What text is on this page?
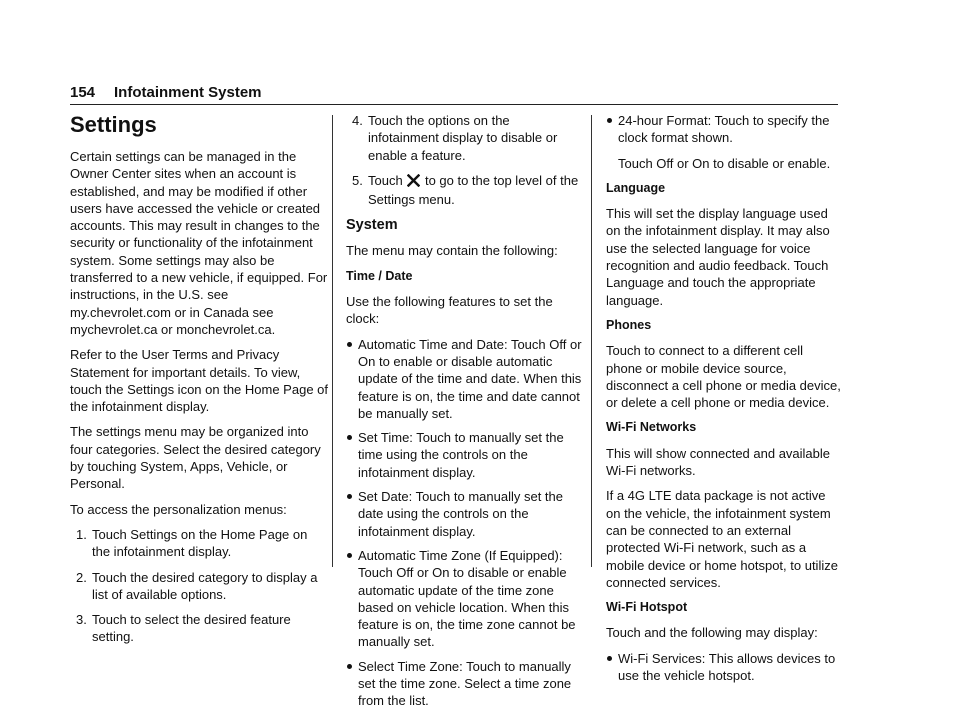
154 Infotainment System
Settings

Certain settings can be managed in the Owner Center sites when an account is established, and may be modified if other users have accessed the vehicle or created accounts. This may result in changes to the security or functionality of the infotainment system. Some settings may also be transferred to a new vehicle, if equipped. For instructions, in the U.S. see my.chevrolet.com or in Canada see mychevrolet.ca or monchevrolet.ca.

Refer to the User Terms and Privacy Statement for important details. To view, touch the Settings icon on the Home Page of the infotainment display.

The settings menu may be organized into four categories. Select the desired category by touching System, Apps, Vehicle, or Personal.

To access the personalization menus:

1. Touch Settings on the Home Page on the infotainment display.
2. Touch the desired category to display a list of available options.
3. Touch to select the desired feature setting.
4. Touch the options on the infotainment display to disable or enable a feature.
5. Touch to go to the top level of the Settings menu.
System

The menu may contain the following:

Time / Date

Use the following features to set the clock:

Automatic Time and Date: Touch Off or On to enable or disable automatic update of the time and date. When this feature is on, the time and date cannot be manually set.
Set Time: Touch to manually set the time using the controls on the infotainment display.
Set Date: Touch to manually set the date using the controls on the infotainment display.
Automatic Time Zone (If Equipped): Touch Off or On to disable or enable automatic update of the time zone based on vehicle location. When this feature is on, the time zone cannot be manually set.
Select Time Zone: Touch to manually set the time zone. Select a time zone from the list.
24-hour Format: Touch to specify the clock format shown.

Touch Off or On to disable or enable.

Language

This will set the display language used on the infotainment display. It may also use the selected language for voice recognition and audio feedback. Touch Language and touch the appropriate language.

Phones

Touch to connect to a different cell phone or mobile device source, disconnect a cell phone or media device, or delete a cell phone or media device.

Wi-Fi Networks

This will show connected and available Wi-Fi networks.

If a 4G LTE data package is not active on the vehicle, the infotainment system can be connected to an external protected Wi-Fi network, such as a mobile device or home hotspot, to utilize connected services.

Wi-Fi Hotspot

Touch and the following may display:

Wi-Fi Services: This allows devices to use the vehicle hotspot.
